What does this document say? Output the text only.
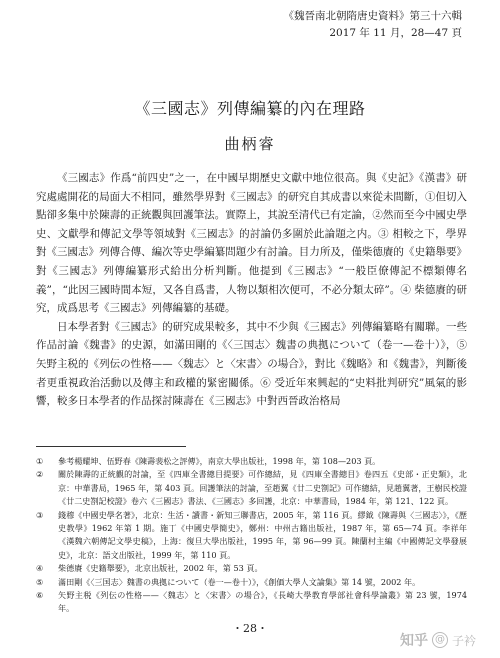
《魏晉南北朝隋唐史資料》第三十六輯
2017 年 11 月，28—47 頁
《三國志》列傳編纂的內在理路
曲柄睿

《三國志》作爲“前四史”之一，在中國早期歷史文獻中地位很高。與《史記》《漢書》研究處處開花的局面大不相同，雖然學界對《三國志》的研究自其成書以來從未間斷，①但切入點卻多集中於陳壽的正統觀與回護筆法。實際上，其說至清代已有定論，②然而至今中國史學史、文獻學和傳記文學等領域對《三國志》的討論仍多圍於此論題之内。③ 相較之下，學界對《三國志》列傳合傳、編次等史學編纂問題少有討論。目力所及，僅柴德賡的《史籍舉要》對《三國志》列傳編纂形式給出分析判斷。他提到《三國志》“一般臣僚傳記不標類傳名義”，“此因三國時間本短，又各自爲書，人物以類相次便可，不必分類太碎”。④ 柴德賡的研究，成爲思考《三國志》列傳編纂的基礎。

日本學者對《三國志》的研究成果較多，其中不少與《三國志》列傳編纂略有關聯。一些作品討論《魏書》的史源，如滿田剛的《〈三国志〉魏書の典拠について（卷一—卷十）》，⑤矢野主税的《列伝の性格——〈魏志〉と〈宋書〉の場合》，對比《魏略》和《魏書》，判斷後者更重視政治活動以及傳主和政權的緊密關係。⑥ 受近年來興起的“史料批判研究”風氣的影響，較多日本學者的作品探討陳壽在《三國志》中對西晉政治格局

①	參考楊耀坤、伍野春《陳壽裴松之評傳》，南京大學出版社，1998 年，第 108—203 頁。
②	關於陳壽的正統觀的討論，至《四庫全書總目提要》可作總結，見《四庫全書總目》卷四五《史部・正史類》，北京：中華書局，1965 年，第 403 頁。回護筆法的討論，至趙翼《廿二史劄記》可作總結，見趙翼著，王樹民校證《廿二史劄記校證》卷六《三國志》書法、《三國志》多回護，北京：中華書局，1984 年，第 121、122 頁。
③	錢穆《中國史學名著》，北京：生活・讀書・新知三聯書店，2005 年，第 116 頁。繆鉞《陳壽與〈三國志〉》，《歷史教學》1962 年第 1 期。施丁《中國史學簡史》，鄭州：中州古籍出版社，1987 年，第 65—74 頁。李祥年《漢魏六朝傳記文學史稿》，上海：復旦大學出版社，1995 年，第 96—99 頁。陳蘭村主編《中國傳記文學發展史》，北京：語文出版社，1999 年，第 110 頁。
④	柴德賡《史籍舉要》，北京出版社，2002 年，第 53 頁。
⑤	滿田剛《〈三国志〉魏書の典拠について（卷一—卷十）》，《創価大學人文論集》第 14 號，2002 年。
⑥	矢野主税《列伝の性格——〈魏志〉と〈宋書〉の場合》，《長崎大學教育學部社會科學論叢》第 23 號，1974 年。
・28・
知乎 @ 子衿
